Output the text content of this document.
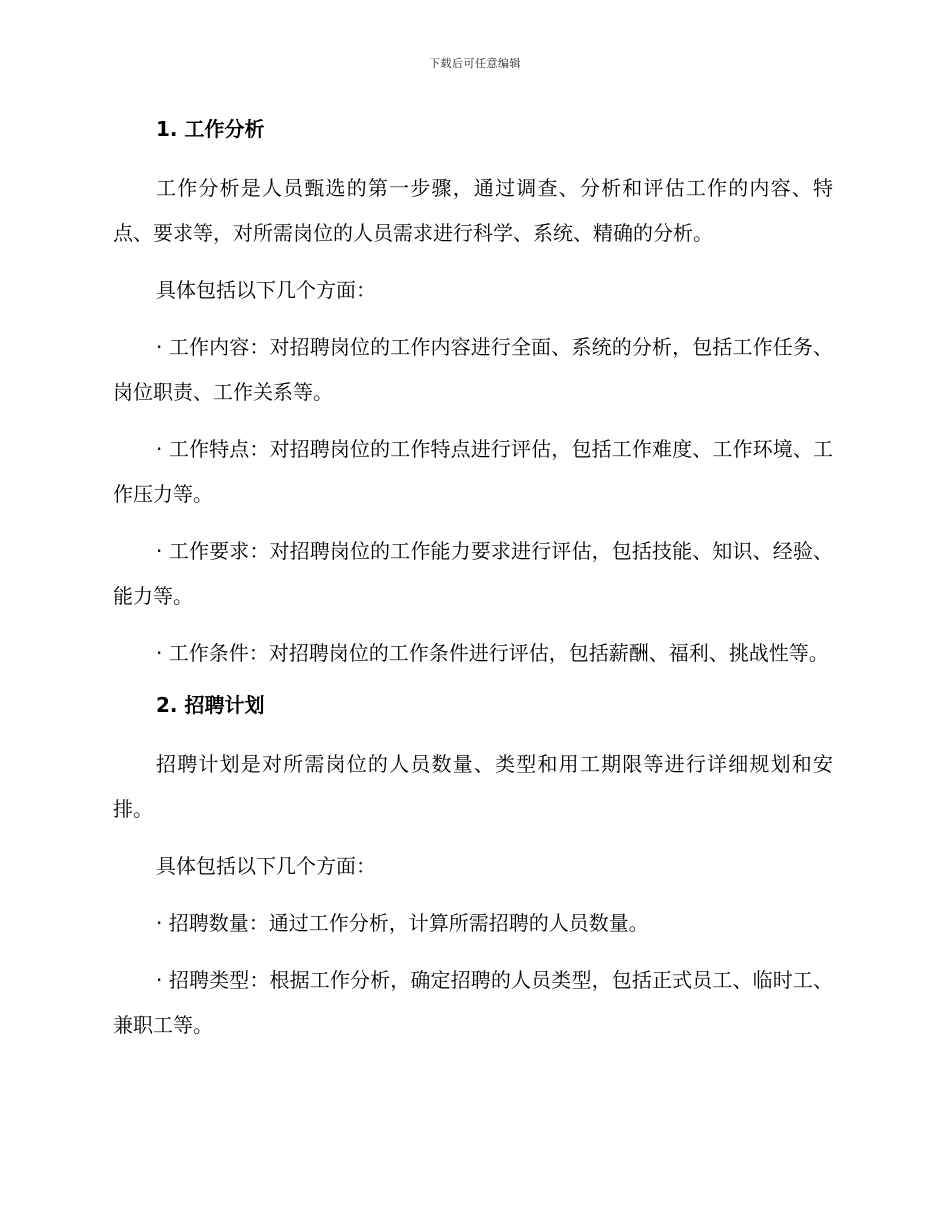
下载后可任意编辑
1. 工作分析

工作分析是人员甄选的第一步骤，通过调查、分析和评估工作的内容、特点、要求等，对所需岗位的人员需求进行科学、系统、精确的分析。

具体包括以下几个方面：

· 工作内容：对招聘岗位的工作内容进行全面、系统的分析，包括工作任务、岗位职责、工作关系等。

· 工作特点：对招聘岗位的工作特点进行评估，包括工作难度、工作环境、工作压力等。

· 工作要求：对招聘岗位的工作能力要求进行评估，包括技能、知识、经验、能力等。

· 工作条件：对招聘岗位的工作条件进行评估，包括薪酬、福利、挑战性等。

2. 招聘计划

招聘计划是对所需岗位的人员数量、类型和用工期限等进行详细规划和安排。

具体包括以下几个方面：

· 招聘数量：通过工作分析，计算所需招聘的人员数量。

· 招聘类型：根据工作分析，确定招聘的人员类型，包括正式员工、临时工、兼职工等。
